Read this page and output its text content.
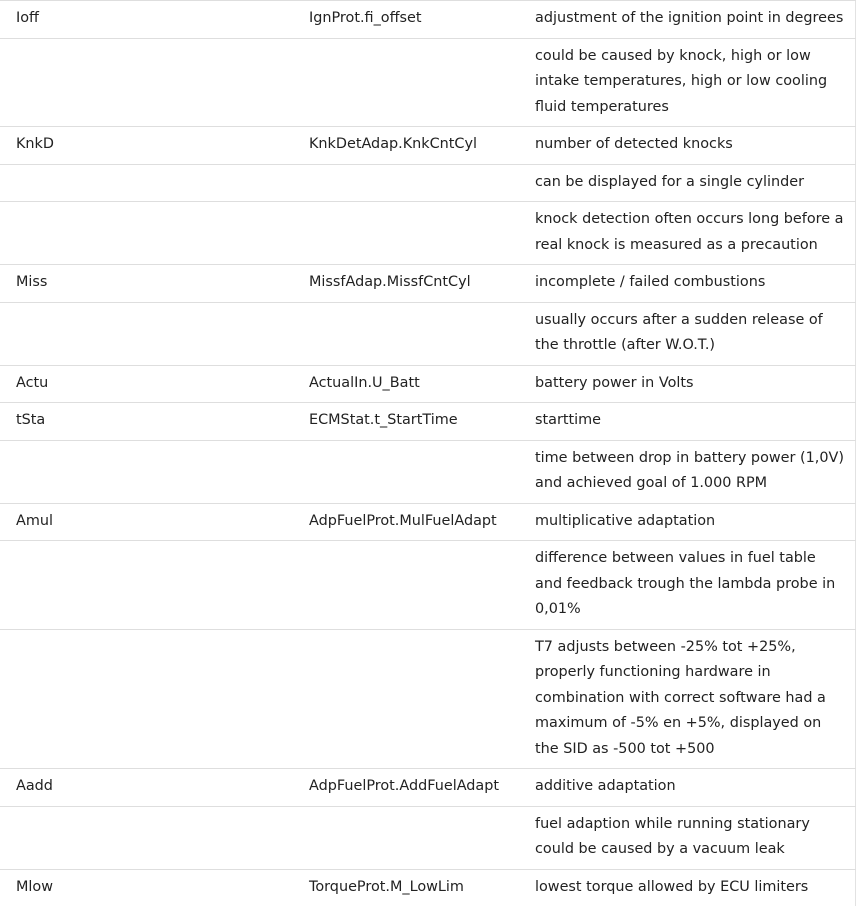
Ioff	IgnProt.fi_offset	adjustment of the ignition point in degrees
		could be caused by knock, high or low intake temperatures, high or low cooling fluid temperatures
KnkD	KnkDetAdap.KnkCntCyl	number of detected knocks
		can be displayed for a single cylinder
		knock detection often occurs long before a real knock is measured as a precaution
Miss	MissfAdap.MissfCntCyl	incomplete / failed combustions
		usually occurs after a sudden release of the throttle (after W.O.T.)
Actu	ActualIn.U_Batt	battery power in Volts
tSta	ECMStat.t_StartTime	starttime
		time between drop in battery power (1,0V) and achieved goal of 1.000 RPM
Amul	AdpFuelProt.MulFuelAdapt	multiplicative adaptation
		difference between values in fuel table and feedback trough the lambda probe in 0,01%
		T7 adjusts between -25% tot +25%, properly functioning hardware in combination with correct software had a maximum of -5% en +5%, displayed on the SID as -500 tot +500
Aadd	AdpFuelProt.AddFuelAdapt	additive adaptation
		fuel adaption while running stationary could be caused by a vacuum leak
Mlow	TorqueProt.M_LowLim	lowest torque allowed by ECU limiters
